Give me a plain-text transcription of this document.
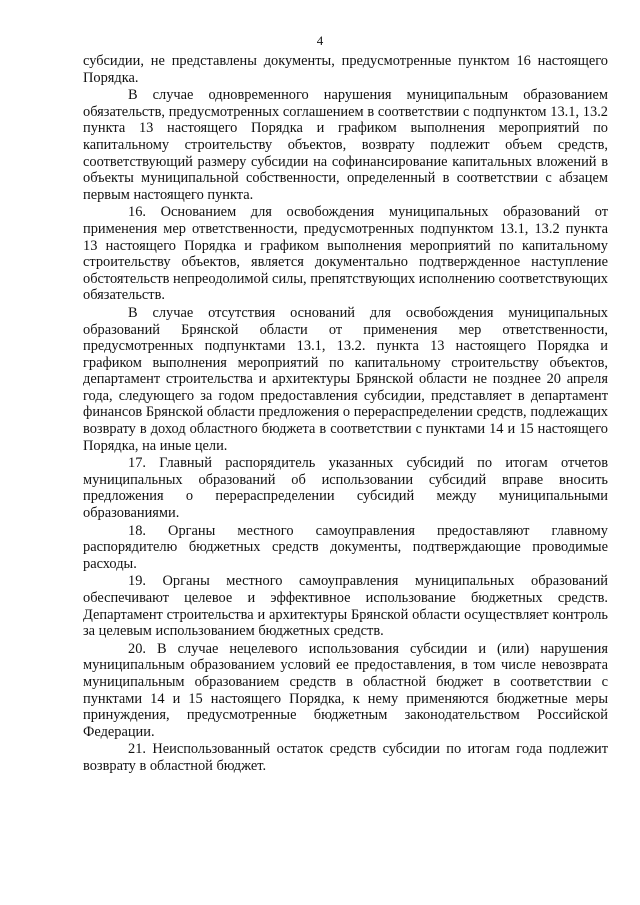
4

субсидии, не представлены документы, предусмотренные пунктом 16 настоящего Порядка.

В случае одновременного нарушения муниципальным образованием обязательств, предусмотренных соглашением в соответствии с подпунктом 13.1, 13.2 пункта 13 настоящего Порядка и графиком выполнения мероприятий по капитальному строительству объектов, возврату подлежит объем средств, соответствующий размеру субсидии на софинансирование капитальных вложений в объекты муниципальной собственности, определенный в соответствии с абзацем первым настоящего пункта.

16. Основанием для освобождения муниципальных образований от применения мер ответственности, предусмотренных подпунктом 13.1, 13.2 пункта 13 настоящего Порядка и графиком выполнения мероприятий по капитальному строительству объектов, является документально подтвержденное наступление обстоятельств непреодолимой силы, препятствующих исполнению соответствующих обязательств.

В случае отсутствия оснований для освобождения муниципальных образований Брянской области от применения мер ответственности, предусмотренных подпунктами 13.1, 13.2. пункта 13 настоящего Порядка и графиком выполнения мероприятий по капитальному строительству объектов, департамент строительства и архитектуры Брянской области не позднее 20 апреля года, следующего за годом предоставления субсидии, представляет в департамент финансов Брянской области предложения о перераспределении средств, подлежащих возврату в доход областного бюджета в соответствии с пунктами 14 и 15 настоящего Порядка, на иные цели.

17. Главный распорядитель указанных субсидий по итогам отчетов муниципальных образований об использовании субсидий вправе вносить предложения о перераспределении субсидий между муниципальными образованиями.

18. Органы местного самоуправления предоставляют главному распорядителю бюджетных средств документы, подтверждающие проводимые расходы.

19. Органы местного самоуправления муниципальных образований обеспечивают целевое и эффективное использование бюджетных средств. Департамент строительства и архитектуры Брянской области осуществляет контроль за целевым использованием бюджетных средств.

20. В случае нецелевого использования субсидии и (или) нарушения муниципальным образованием условий ее предоставления, в том числе невозврата муниципальным образованием средств в областной бюджет в соответствии с пунктами 14 и 15 настоящего Порядка, к нему применяются бюджетные меры принуждения, предусмотренные бюджетным законодательством Российской Федерации.

21. Неиспользованный остаток средств субсидии по итогам года подлежит возврату в областной бюджет.
